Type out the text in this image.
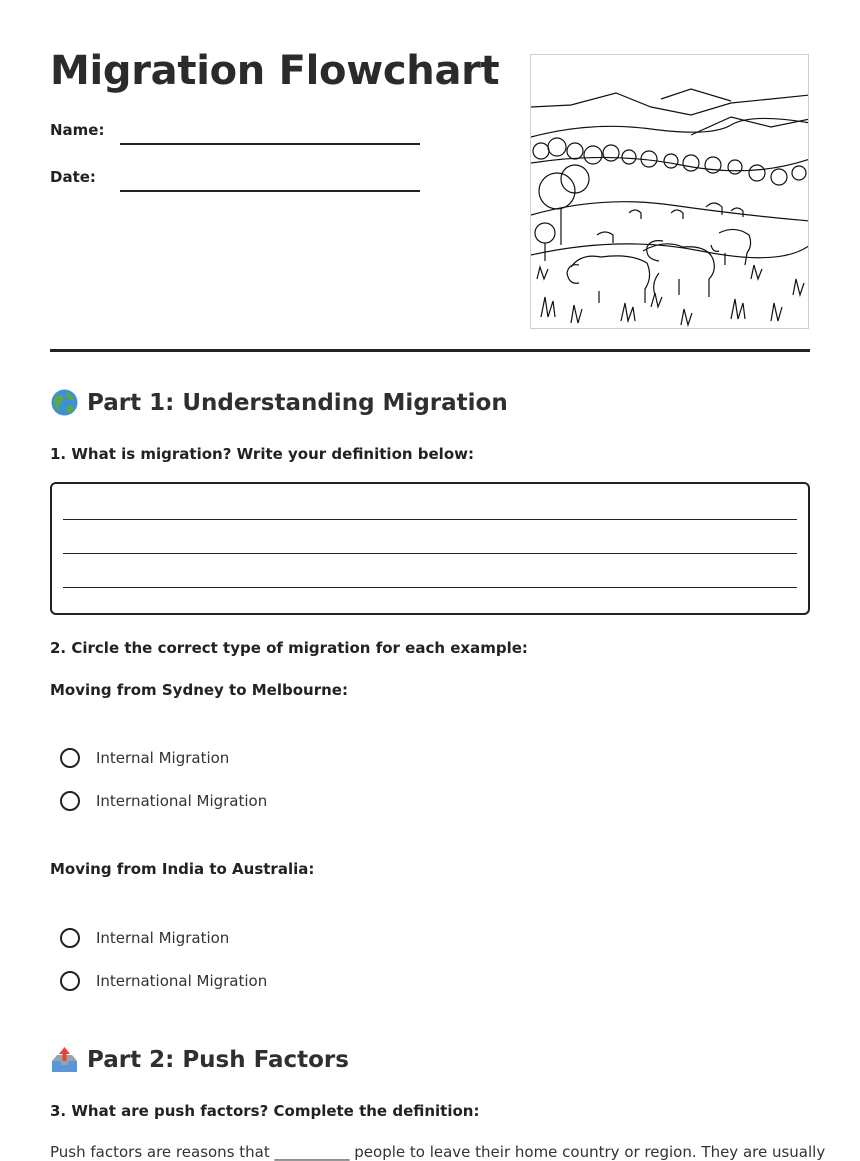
Migration Flowchart
Name:
Date:
Part 1: Understanding Migration

1. What is migration? Write your definition below:

2. Circle the correct type of migration for each example:

Moving from Sydney to Melbourne:
Internal Migration
International Migration
Moving from India to Australia:
Internal Migration
International Migration
Part 2: Push Factors

3. What are push factors? Complete the definition:

Push factors are reasons that __________ people to leave their home country or region. They are usually
